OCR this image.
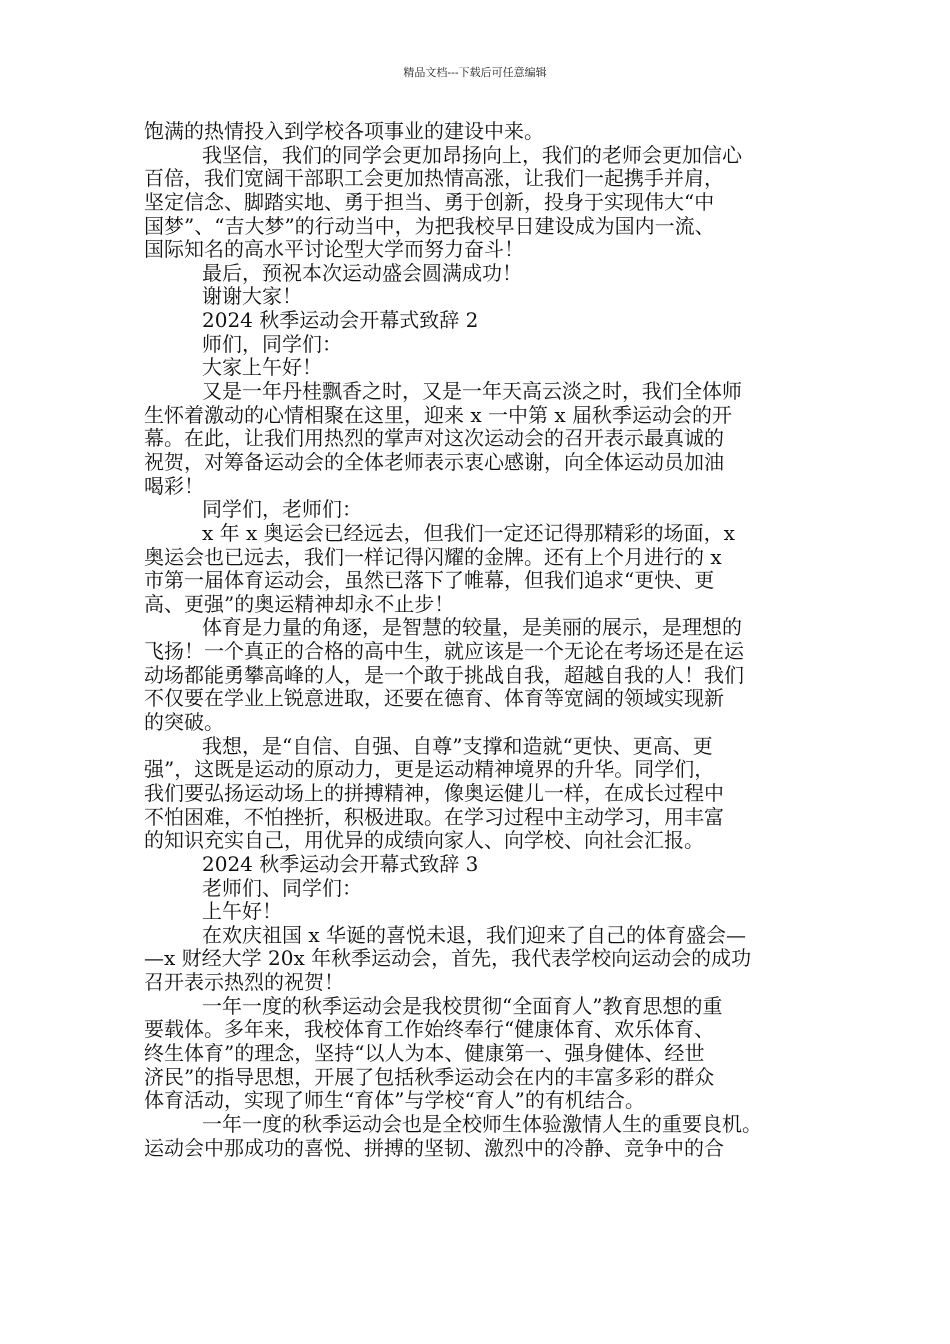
精品文档---下载后可任意编辑
饱满的热情投入到学校各项事业的建设中来。
我坚信，我们的同学会更加昂扬向上，我们的老师会更加信心
百倍，我们宽阔干部职工会更加热情高涨，让我们一起携手并肩，
坚定信念、脚踏实地、勇于担当、勇于创新，投身于实现伟大“中
国梦”、“吉大梦”的行动当中，为把我校早日建设成为国内一流、
国际知名的高水平讨论型大学而努力奋斗！
最后，预祝本次运动盛会圆满成功！
谢谢大家！
2024 秋季运动会开幕式致辞 2
师们，同学们：
大家上午好！
又是一年丹桂飘香之时，又是一年天高云淡之时，我们全体师
生怀着激动的心情相聚在这里，迎来 x 一中第 x 届秋季运动会的开
幕。在此，让我们用热烈的掌声对这次运动会的召开表示最真诚的
祝贺，对筹备运动会的全体老师表示衷心感谢，向全体运动员加油
喝彩！
同学们，老师们：
x 年 x 奥运会已经远去，但我们一定还记得那精彩的场面，x
奥运会也已远去，我们一样记得闪耀的金牌。还有上个月进行的 x
市第一届体育运动会，虽然已落下了帷幕，但我们追求“更快、更
高、更强”的奥运精神却永不止步！
体育是力量的角逐，是智慧的较量，是美丽的展示，是理想的
飞扬！一个真正的合格的高中生，就应该是一个无论在考场还是在运
动场都能勇攀高峰的人，是一个敢于挑战自我，超越自我的人！我们
不仅要在学业上锐意进取，还要在德育、体育等宽阔的领域实现新
的突破。
我想，是“自信、自强、自尊”支撑和造就“更快、更高、更
强”，这既是运动的原动力，更是运动精神境界的升华。同学们，
我们要弘扬运动场上的拼搏精神，像奥运健儿一样，在成长过程中
不怕困难，不怕挫折，积极进取。在学习过程中主动学习，用丰富
的知识充实自己，用优异的成绩向家人、向学校、向社会汇报。
2024 秋季运动会开幕式致辞 3
老师们、同学们：
上午好！
在欢庆祖国 x 华诞的喜悦未退，我们迎来了自己的体育盛会—
—x 财经大学 20x 年秋季运动会，首先，我代表学校向运动会的成功
召开表示热烈的祝贺！
一年一度的秋季运动会是我校贯彻“全面育人”教育思想的重
要载体。多年来，我校体育工作始终奉行“健康体育、欢乐体育、
终生体育”的理念，坚持“以人为本、健康第一、强身健体、经世
济民”的指导思想，开展了包括秋季运动会在内的丰富多彩的群众
体育活动，实现了师生“育体”与学校“育人”的有机结合。
一年一度的秋季运动会也是全校师生体验激情人生的重要良机。
运动会中那成功的喜悦、拼搏的坚韧、激烈中的冷静、竞争中的合
